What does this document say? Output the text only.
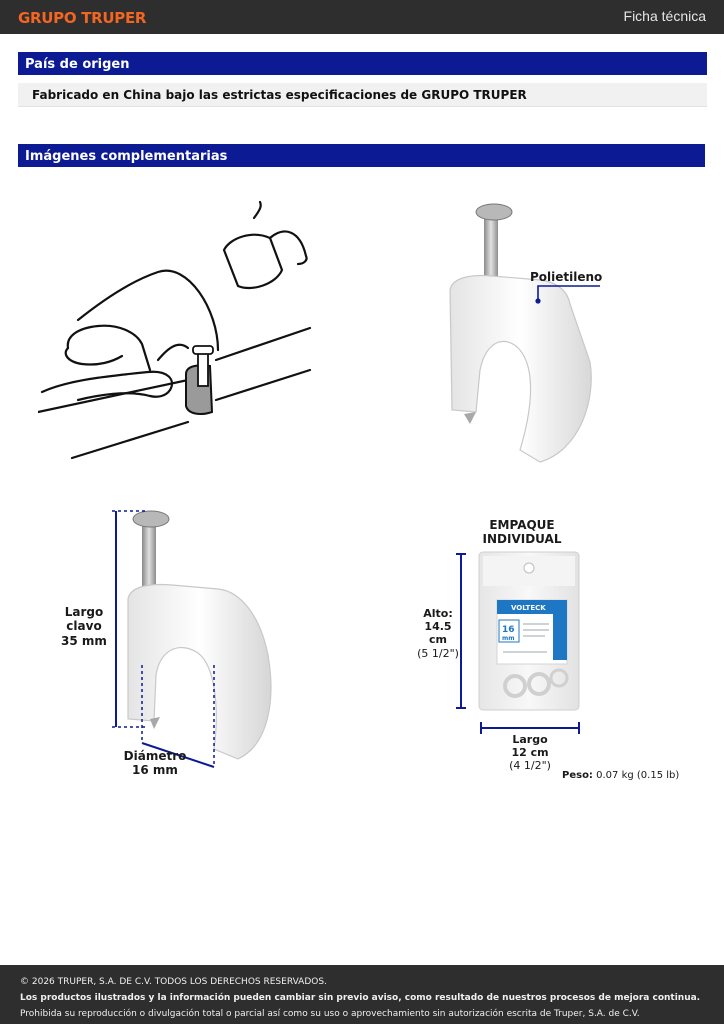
GRUPO TRUPER	Ficha técnica
País de origen
Fabricado en China bajo las estrictas especificaciones de GRUPO TRUPER
Imágenes complementarias
Polietileno
Largo clavo
35 mm
Diámetro
16 mm
EMPAQUE INDIVIDUAL
16
mm
VOLTECK
Alto:
14.5 cm
(5 1/2")
Largo
12 cm
(4 1/2")
Peso: 0.07 kg (0.15 lb)
© 2026 TRUPER, S.A. DE C.V. TODOS LOS DERECHOS RESERVADOS.
Los productos ilustrados y la información pueden cambiar sin previo aviso, como resultado de nuestros procesos de mejora continua.
Prohibida su reproducción o divulgación total o parcial así como su uso o aprovechamiento sin autorización escrita de Truper, S.A. de C.V.
